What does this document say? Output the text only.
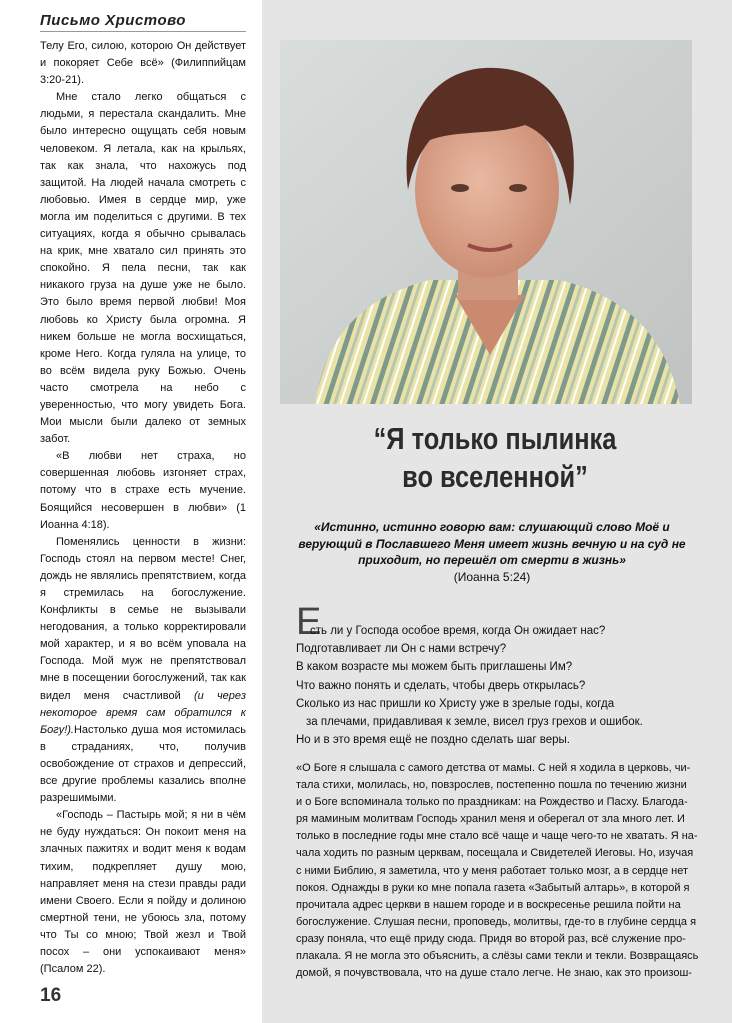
Письмо Христово

Телу Его, силою, которою Он действует и покоряет Себе всё» (Филиппийцам 3:20-21).

Мне стало легко общаться с людьми, я перестала скандалить. Мне было интересно ощущать себя новым человеком. Я летала, как на крыльях, так как знала, что нахожусь под защитой. На людей начала смотреть с любовью. Имея в сердце мир, уже могла им поделиться с другими. В тех ситуациях, когда я обычно срывалась на крик, мне хватало сил принять это спокойно. Я пела песни, так как никакого груза на душе уже не было. Это было время первой любви! Моя любовь ко Христу была огромна. Я никем больше не могла восхищаться, кроме Него. Когда гуляла на улице, то во всём видела руку Божью. Очень часто смотрела на небо с уверенностью, что могу увидеть Бога. Мои мысли были далеко от земных забот.

«В любви нет страха, но совершенная любовь изгоняет страх, потому что в страхе есть мучение. Боящийся несовершен в любви» (1 Иоанна 4:18).

Поменялись ценности в жизни: Господь стоял на первом месте! Снег, дождь не являлись препятствием, когда я стремилась на богослужение. Конфликты в семье не вызывали негодования, а только корректировали мой характер, и я во всём уповала на Господа. Мой муж не препятствовал мне в посещении богослужений, так как видел меня счастливой (и через некоторое время сам обратился к Богу!).Настолько душа моя истомилась в страданиях, что, получив освобождение от страхов и депрессий, все другие проблемы казались вполне разрешимыми.

«Господь – Пастырь мой; я ни в чём не буду нуждаться: Он покоит меня на злачных пажитях и водит меня к водам тихим, подкрепляет душу мою, направляет меня на стези правды ради имени Своего. Если я пойду и долиною смертной тени, не убоюсь зла, потому что Ты со мною; Твой жезл и Твой посох – они успокаивают меня» (Псалом 22).

16
“Я только пылинка
во вселенной”
«Истинно, истинно говорю вам: слушающий слово Моё и верующий в Пославшего Меня имеет жизнь вечную и на суд не приходит, но перешёл от смерти в жизнь»
(Иоанна 5:24)
Е
сть ли у Господа особое время, когда Он ожидает нас?
Подготавливает ли Он с нами встречу?
В каком возрасте мы можем быть приглашены Им?
Что важно понять и сделать, чтобы дверь открылась?
Сколько из нас пришли ко Христу уже в зрелые годы, когда
за плечами, придавливая к земле, висел груз грехов и ошибок.
Но и в это время ещё не поздно сделать шаг веры.
«О Боге я слышала с самого детства от мамы. С ней я ходила в церковь, чи-
тала стихи, молилась, но, повзрослев, постепенно пошла по течению жизни
и о Боге вспоминала только по праздникам: на Рождество и Пасху. Благода-
ря маминым молитвам Господь хранил меня и оберегал от зла много лет. И
только в последние годы мне стало всё чаще и чаще чего-то не хватать. Я на-
чала ходить по разным церквам, посещала и Свидетелей Иеговы. Но, изучая
с ними Библию, я заметила, что у меня работает только мозг, а в сердце нет
покоя. Однажды в руки ко мне попала газета «Забытый алтарь», в которой я
прочитала адрес церкви в нашем городе и в воскресенье решила пойти на
богослужение. Слушая песни, проповедь, молитвы, где-то в глубине сердца я
сразу поняла, что ещё приду сюда. Придя во второй раз, всё служение про-
плакала. Я не могла это объяснить, а слёзы сами текли и текли. Возвращаясь
домой, я почувствовала, что на душе стало легче. Не знаю, как это произош-
